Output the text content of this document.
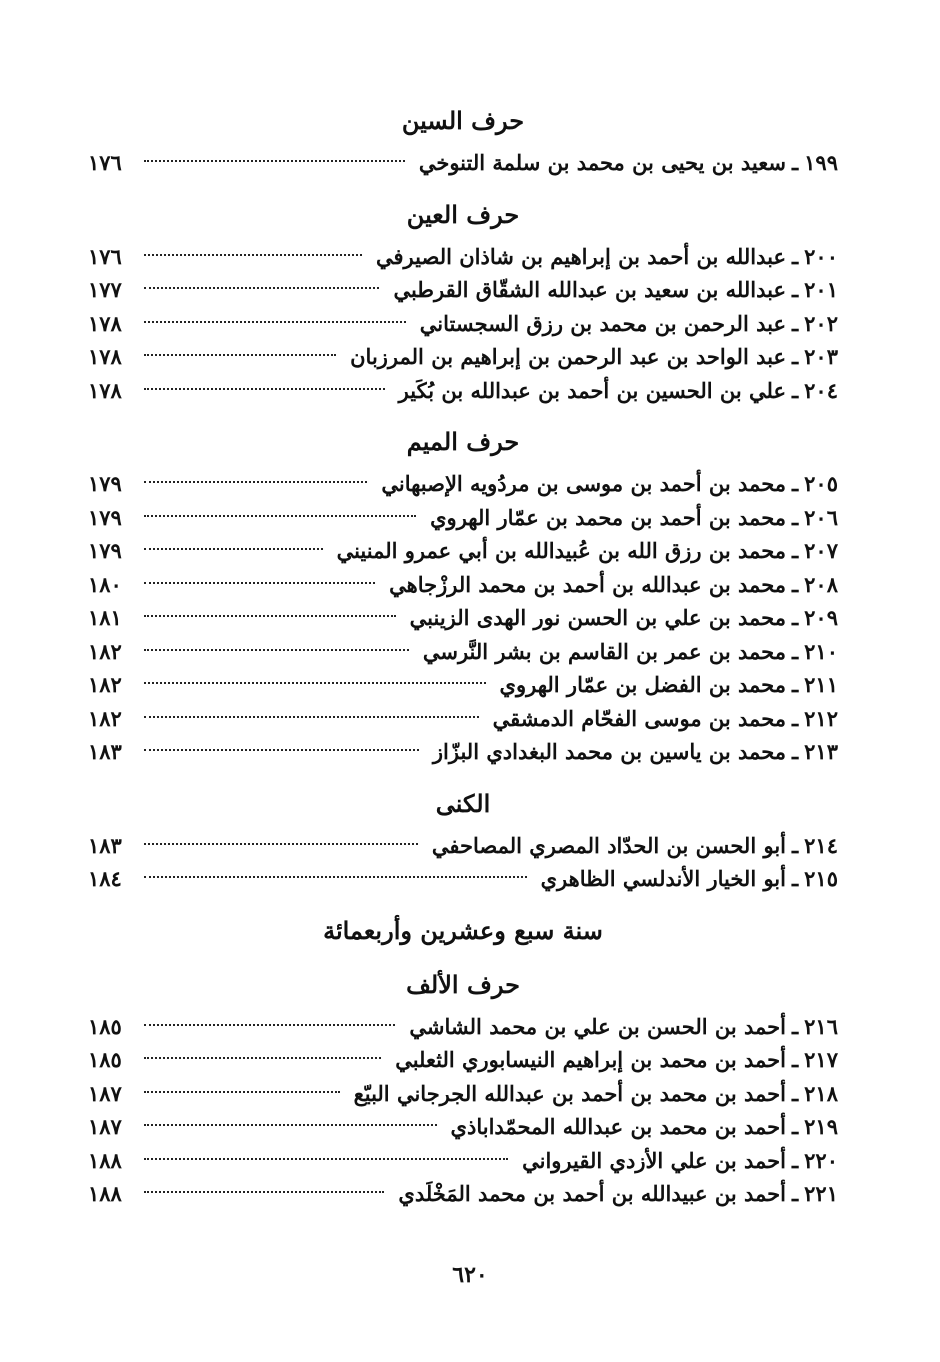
حرف السين
١٩٩
ـ
سعيد بن يحيى بن محمد بن سلمة التنوخي
١٧٦
حرف العين
٢٠٠
ـ
عبدالله بن أحمد بن إبراهيم بن شاذان الصيرفي
١٧٦
٢٠١
ـ
عبدالله بن سعيد بن عبدالله الشقّاق القرطبي
١٧٧
٢٠٢
ـ
عبد الرحمن بن محمد بن رزق السجستاني
١٧٨
٢٠٣
ـ
عبد الواحد بن عبد الرحمن بن إبراهيم بن المرزبان
١٧٨
٢٠٤
ـ
علي بن الحسين بن أحمد بن عبدالله بن بُكَير
١٧٨
حرف الميم
٢٠٥
ـ
محمد بن أحمد بن موسى بن مردُويه الإصبهاني
١٧٩
٢٠٦
ـ
محمد بن أحمد بن محمد بن عمّار الهروي
١٧٩
٢٠٧
ـ
محمد بن رزق الله بن عُبيدالله بن أبي عمرو المنيني
١٧٩
٢٠٨
ـ
محمد بن عبدالله بن أحمد بن محمد الرزْجاهي
١٨٠
٢٠٩
ـ
محمد بن علي بن الحسن نور الهدى الزينبي
١٨١
٢١٠
ـ
محمد بن عمر بن القاسم بن بشر النَّرسي
١٨٢
٢١١
ـ
محمد بن الفضل بن عمّار الهروي
١٨٢
٢١٢
ـ
محمد بن موسى الفحّام الدمشقي
١٨٢
٢١٣
ـ
محمد بن ياسين بن محمد البغدادي البزّاز
١٨٣
الكنى
٢١٤
ـ
أبو الحسن بن الحدّاد المصري المصاحفي
١٨٣
٢١٥
ـ
أبو الخيار الأندلسي الظاهري
١٨٤
سنة سبع وعشرين وأربعمائة
حرف الألف
٢١٦
ـ
أحمد بن الحسن بن علي بن محمد الشاشي
١٨٥
٢١٧
ـ
أحمد بن محمد بن إبراهيم النيسابوري الثعلبي
١٨٥
٢١٨
ـ
أحمد بن محمد بن أحمد بن عبدالله الجرجاني البيّع
١٨٧
٢١٩
ـ
أحمد بن محمد بن عبدالله المحمّداباذي
١٨٧
٢٢٠
ـ
أحمد بن علي الأزدي القيرواني
١٨٨
٢٢١
ـ
أحمد بن عبيدالله بن أحمد بن محمد المَخْلَدي
١٨٨
٦٢٠
